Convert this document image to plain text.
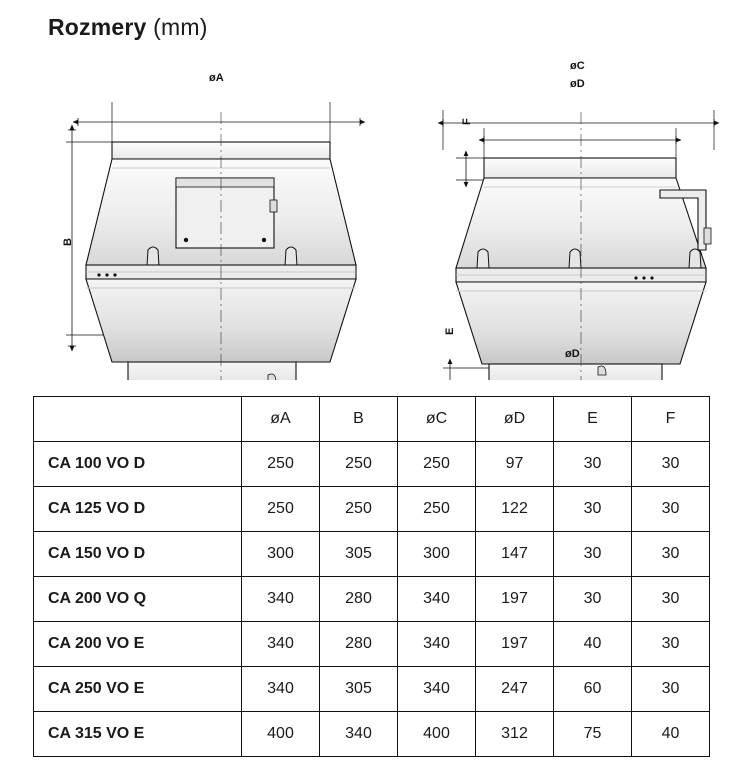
Rozmery (mm)
øA
B
øC
øD
F
E
øD
	øA	B	øC	øD	E	F
CA 100 VO D	250	250	250	97	30	30
CA 125 VO D	250	250	250	122	30	30
CA 150 VO D	300	305	300	147	30	30
CA 200 VO Q	340	280	340	197	30	30
CA 200 VO E	340	280	340	197	40	30
CA 250 VO E	340	305	340	247	60	30
CA 315 VO E	400	340	400	312	75	40
